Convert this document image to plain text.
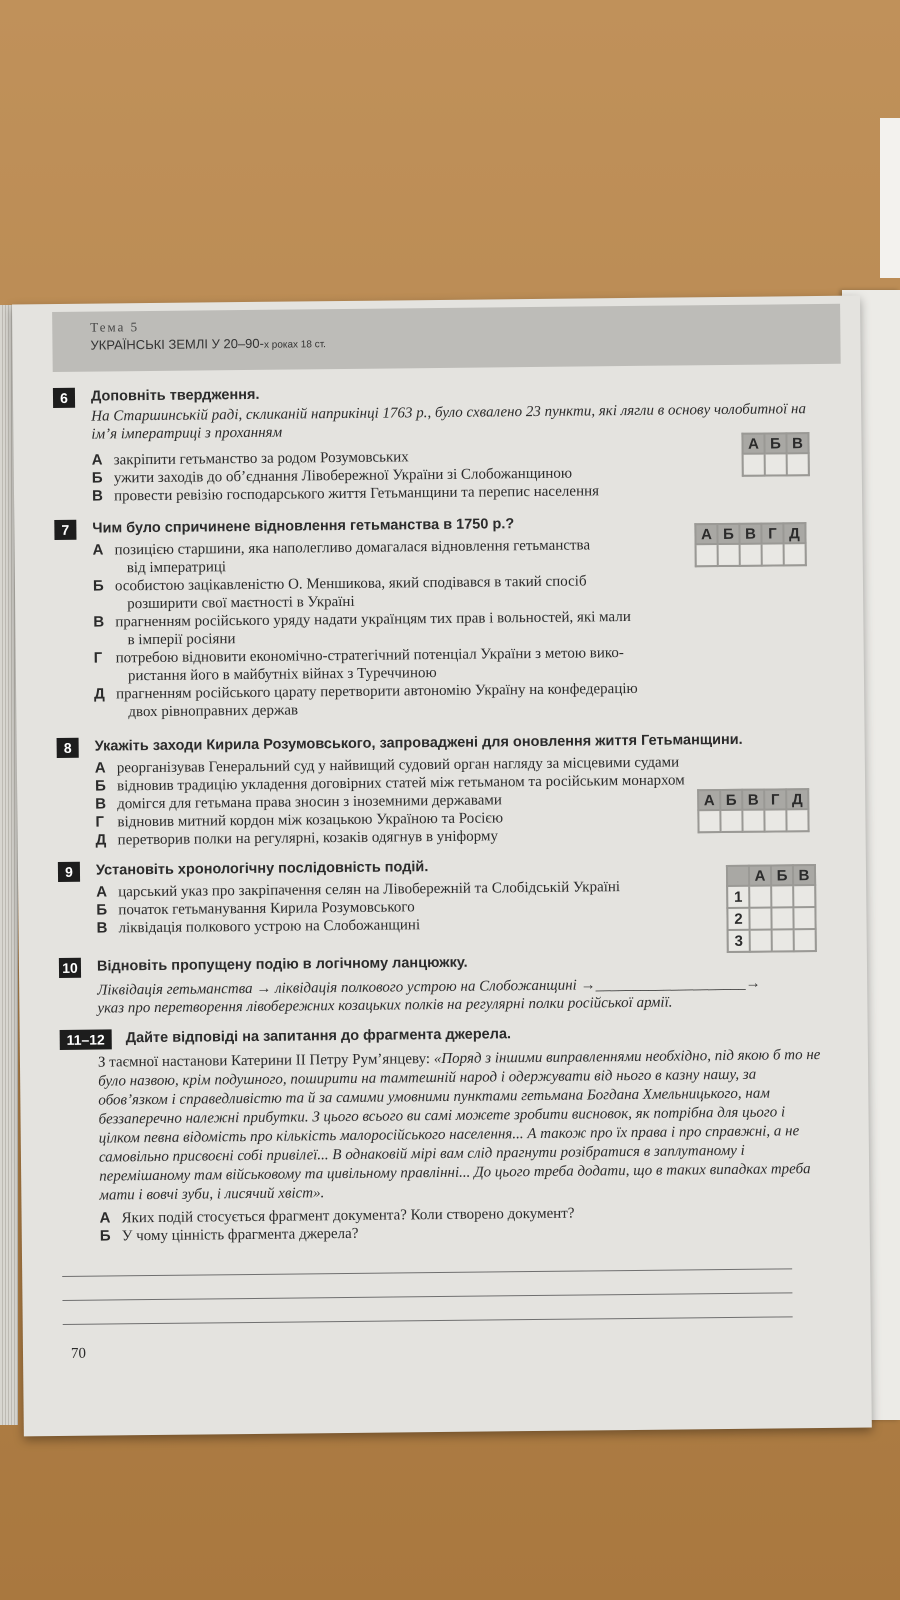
Тема 5
УКРАЇНСЬКІ ЗЕМЛІ У 20–90-х роках 18 ст.
6	Доповніть твердження.
На Старшинській раді, скликаній наприкінці 1763 р., було схвалено 23 пункти, які лягли в основу чолобитної на ім’я імператриці з проханням
А закріпити гетьманство за родом Розумовських
Б ужити заходів до об’єднання Лівобережної України зі Слобожанщиною
В провести ревізію господарського життя Гетьманщини та перепис населення
А	Б	В

7	Чим було спричинене відновлення гетьманства в 1750 р.?
А позицією старшини, яка наполегливо домагалася відновлення гетьманства
від імператриці
Б особистою зацікавленістю О. Меншикова, який сподівався в такий спосіб
розширити свої маєтності в Україні
В прагненням російського уряду надати українцям тих прав і вольностей, які мали
в імперії росіяни
Г потребою відновити економічно-стратегічний потенціал України з метою вико-
ристання його в майбутніх війнах з Туреччиною
Д прагненням російського царату перетворити автономію Україну на конфедерацію
двох рівноправних держав
А	Б	В	Г	Д

8	Укажіть заходи Кирила Розумовського, запроваджені для оновлення життя Гетьманщини.
А реорганізував Генеральний суд у найвищий судовий орган нагляду за місцевими судами
Б відновив традицію укладення договірних статей між гетьманом та російським монархом
В домігся для гетьмана права зносин з іноземними державами
Г відновив митний кордон між козацькою Україною та Росією
Д перетворив полки на регулярні, козаків одягнув в уніформу
А	Б	В	Г	Д

9	Установіть хронологічну послідовність подій.
А царський указ про закріпачення селян на Лівобережній та Слобідській Україні
Б початок гетьманування Кирила Розумовського
В ліквідація полкового устрою на Слобожанщині
	А	Б	В
1			
2			
3			
10 Відновіть пропущену подію в логічному ланцюжку.
Ліквідація гетьманства → ліквідація полкового устрою на Слобожанщині →____________________→
указ про перетворення лівобережних козацьких полків на регулярні полки російської армії.
11–12	Дайте відповіді на запитання до фрагмента джерела.
З таємної настанови Катерини ІІ Петру Рум’янцеву: «Поряд з іншими виправленнями необхідно, під якою б то не було назвою, крім подушного, поширити на тамтешній народ і одержувати від нього в казну нашу, за обов’язком і справедливістю та й за самими умовними пунктами гетьмана Богдана Хмельницького, нам беззаперечно належні прибутки. З цього всього ви самі можете зробити висновок, як потрібна для цього і цілком певна відомість про кількість малоросійського населення... А також про їх права і про справжні, а не самовільно присвоєні собі привілеї... В однаковій мірі вам слід прагнути розібратися в заплутаному і перемішаному там військовому та цивільному правлінні... До цього треба додати, що в таких випадках треба мати і вовчі зуби, і лисячий хвіст».
А Яких подій стосується фрагмент документа? Коли створено документ?
Б У чому цінність фрагмента джерела?
70
